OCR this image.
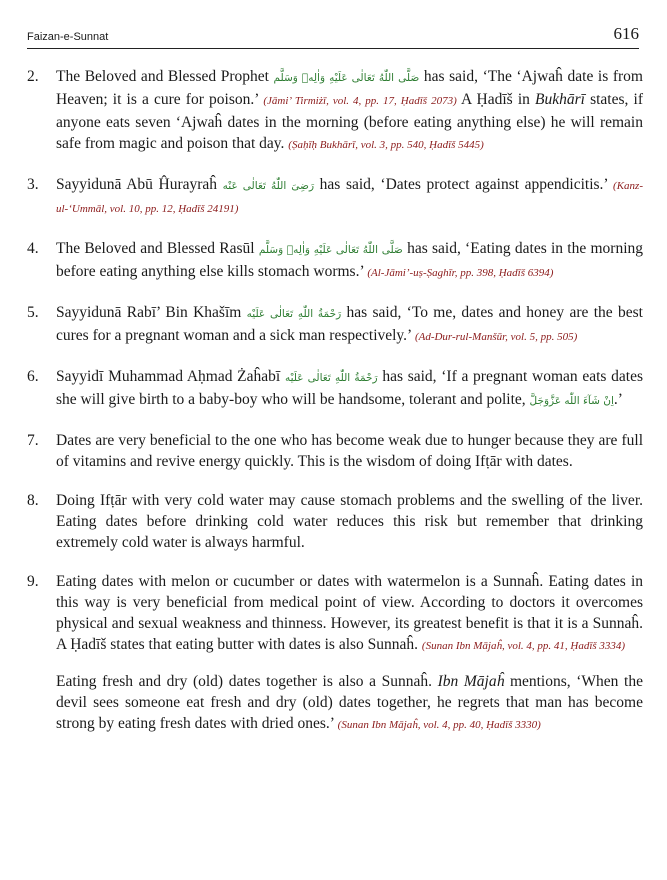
Faizan-e-Sunnat	616
2. The Beloved and Blessed Prophet صَلَّى اللّٰهُ تَعَالٰى عَلَيْهِ وَاٰلِهٖ وَسَلَّم has said, ‘The ‘Ajwaĥ date is from Heaven; it is a cure for poison.’ (Jāmi’ Tirmiżī, vol. 4, pp. 17, Ḥadīš 2073) A Ḥadīš in Bukhārī states, if anyone eats seven ‘Ajwaĥ dates in the morning (before eating anything else) he will remain safe from magic and poison that day. (Ṣaḥīḥ Bukhārī, vol. 3, pp. 540, Ḥadīš 5445)

3. Sayyidunā Abū Ĥurayraĥ رَضِىَ اللّٰهُ تَعَالٰى عَنْه has said, ‘Dates protect against appendicitis.’ (Kanz-ul-‘Ummāl, vol. 10, pp. 12, Ḥadīš 24191)

4. The Beloved and Blessed Rasūl صَلَّى اللّٰهُ تَعَالٰى عَلَيْهِ وَاٰلِهٖ وَسَلَّم has said, ‘Eating dates in the morning before eating anything else kills stomach worms.’ (Al-Jāmi’-uṣ-Ṣaghīr, pp. 398, Ḥadīš 6394)

5. Sayyidunā Rabī’ Bin Khašīm رَحْمَةُ اللّٰهِ تَعَالٰى عَلَيْه has said, ‘To me, dates and honey are the best cures for a pregnant woman and a sick man respectively.’ (Ad-Dur-rul-Manšūr, vol. 5, pp. 505)

6. Sayyidī Muhammad Aḥmad Żaĥabī رَحْمَةُ اللّٰهِ تَعَالٰى عَلَيْه has said, ‘If a pregnant woman eats dates she will give birth to a baby-boy who will be handsome, tolerant and polite, اِنْ شَآءَ اللّٰه عَزَّوَجَلَّ.’

7. Dates are very beneficial to the one who has become weak due to hunger because they are full of vitamins and revive energy quickly. This is the wisdom of doing Ifṭār with dates.

8. Doing Ifṭār with very cold water may cause stomach problems and the swelling of the liver. Eating dates before drinking cold water reduces this risk but remember that drinking extremely cold water is always harmful.

9. Eating dates with melon or cucumber or dates with watermelon is a Sunnaĥ. Eating dates in this way is very beneficial from medical point of view. According to doctors it overcomes physical and sexual weakness and thinness. However, its greatest benefit is that it is a Sunnaĥ. A Ḥadīš states that eating butter with dates is also Sunnaĥ. (Sunan Ibn Mājaĥ, vol. 4, pp. 41, Ḥadīš 3334)

Eating fresh and dry (old) dates together is also a Sunnaĥ. Ibn Mājaĥ mentions, ‘When the devil sees someone eat fresh and dry (old) dates together, he regrets that man has become strong by eating fresh dates with dried ones.’ (Sunan Ibn Mājaĥ, vol. 4, pp. 40, Ḥadīš 3330)
